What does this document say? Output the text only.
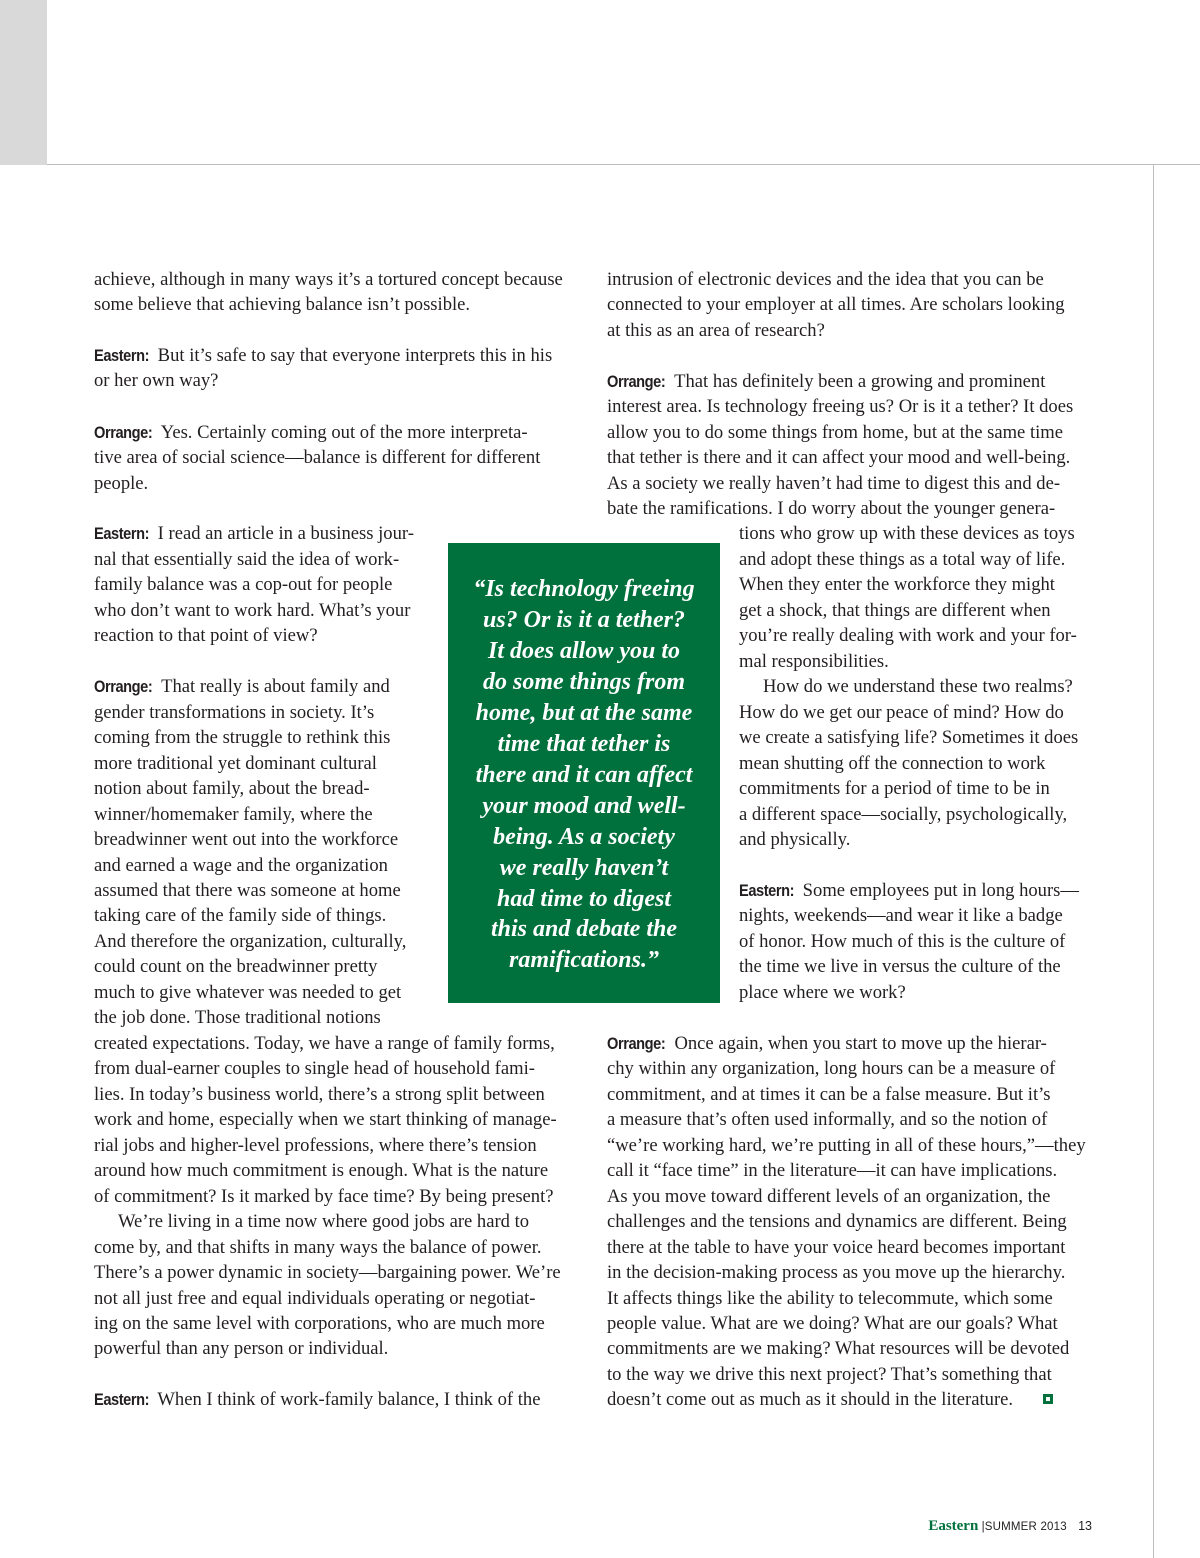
“Is technology freeing
us? Or is it a tether?
It does allow you to
do some things from
home, but at the same
time that tether is
there and it can affect
your mood and well-
being. As a society
we really haven’t
had time to digest
this and debate the
ramifications.”
achieve, although in many ways it’s a tortured concept because
some believe that achieving balance isn’t possible.
Eastern: But it’s safe to say that everyone interprets this in his
or her own way?
Orrange: Yes. Certainly coming out of the more interpreta-
tive area of social science—balance is different for different
people.
Eastern: I read an article in a business jour-
nal that essentially said the idea of work-
family balance was a cop-out for people
who don’t want to work hard. What’s your
reaction to that point of view?
Orrange: That really is about family and
gender transformations in society. It’s
coming from the struggle to rethink this
more traditional yet dominant cultural
notion about family, about the bread-
winner/homemaker family, where the
breadwinner went out into the workforce
and earned a wage and the organization
assumed that there was someone at home
taking care of the family side of things.
And therefore the organization, culturally,
could count on the breadwinner pretty
much to give whatever was needed to get
the job done. Those traditional notions
created expectations. Today, we have a range of family forms,
from dual-earner couples to single head of household fami-
lies. In today’s business world, there’s a strong split between
work and home, especially when we start thinking of manage-
rial jobs and higher-level professions, where there’s tension
around how much commitment is enough. What is the nature
of commitment? Is it marked by face time? By being present?
We’re living in a time now where good jobs are hard to
come by, and that shifts in many ways the balance of power.
There’s a power dynamic in society—bargaining power. We’re
not all just free and equal individuals operating or negotiat-
ing on the same level with corporations, who are much more
powerful than any person or individual.
Eastern: When I think of work-family balance, I think of the
intrusion of electronic devices and the idea that you can be
connected to your employer at all times. Are scholars looking
at this as an area of research?
Orrange: That has definitely been a growing and prominent
interest area. Is technology freeing us? Or is it a tether? It does
allow you to do some things from home, but at the same time
that tether is there and it can affect your mood and well-being.
As a society we really haven’t had time to digest this and de-
bate the ramifications. I do worry about the younger genera-
tions who grow up with these devices as toys
and adopt these things as a total way of life.
When they enter the workforce they might
get a shock, that things are different when
you’re really dealing with work and your for-
mal responsibilities.
How do we understand these two realms?
How do we get our peace of mind? How do
we create a satisfying life? Sometimes it does
mean shutting off the connection to work
commitments for a period of time to be in
a different space—socially, psychologically,
and physically.
Eastern: Some employees put in long hours—
nights, weekends—and wear it like a badge
of honor. How much of this is the culture of
the time we live in versus the culture of the
place where we work?
Orrange: Once again, when you start to move up the hierar-
chy within any organization, long hours can be a measure of
commitment, and at times it can be a false measure. But it’s
a measure that’s often used informally, and so the notion of
“we’re working hard, we’re putting in all of these hours,”—they
call it “face time” in the literature—it can have implications.
As you move toward different levels of an organization, the
challenges and the tensions and dynamics are different. Being
there at the table to have your voice heard becomes important
in the decision-making process as you move up the hierarchy.
It affects things like the ability to telecommute, which some
people value. What are we doing? What are our goals? What
commitments are we making? What resources will be devoted
to the way we drive this next project? That’s something that
doesn’t come out as much as it should in the literature.
Eastern |SUMMER 2013 13
